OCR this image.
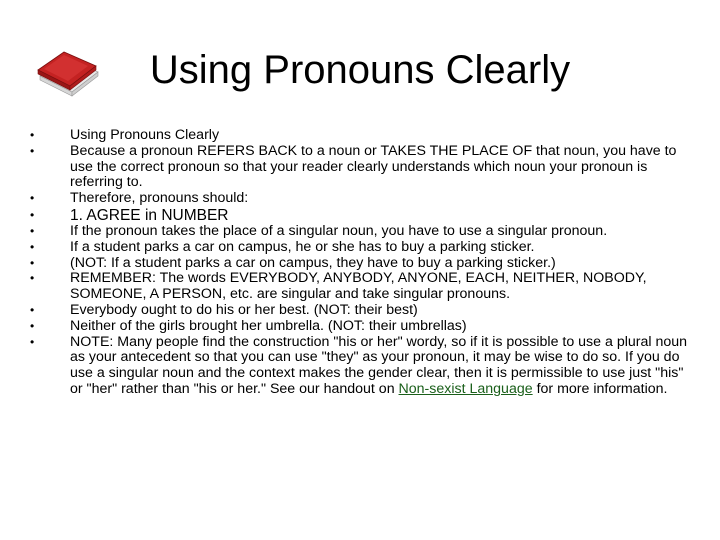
Using Pronouns Clearly
•	Using Pronouns Clearly
•	Because a pronoun REFERS BACK to a noun or TAKES THE PLACE OF that noun, you have to use the correct pronoun so that your reader clearly understands which noun your pronoun is referring to.
•	Therefore, pronouns should:
•	1. AGREE in NUMBER
•	If the pronoun takes the place of a singular noun, you have to use a singular pronoun.
•	If a student parks a car on campus, he or she has to buy a parking sticker.
•	(NOT: If a student parks a car on campus, they have to buy a parking sticker.)
•	REMEMBER: The words EVERYBODY, ANYBODY, ANYONE, EACH, NEITHER, NOBODY, SOMEONE, A PERSON, etc. are singular and take singular pronouns.
•	Everybody ought to do his or her best. (NOT: their best)
•	Neither of the girls brought her umbrella. (NOT: their umbrellas)
•	NOTE: Many people find the construction "his or her" wordy, so if it is possible to use a plural noun as your antecedent so that you can use "they" as your pronoun, it may be wise to do so. If you do use a singular noun and the context makes the gender clear, then it is permissible to use just "his" or "her" rather than "his or her." See our handout on Non-sexist Language for more information.
